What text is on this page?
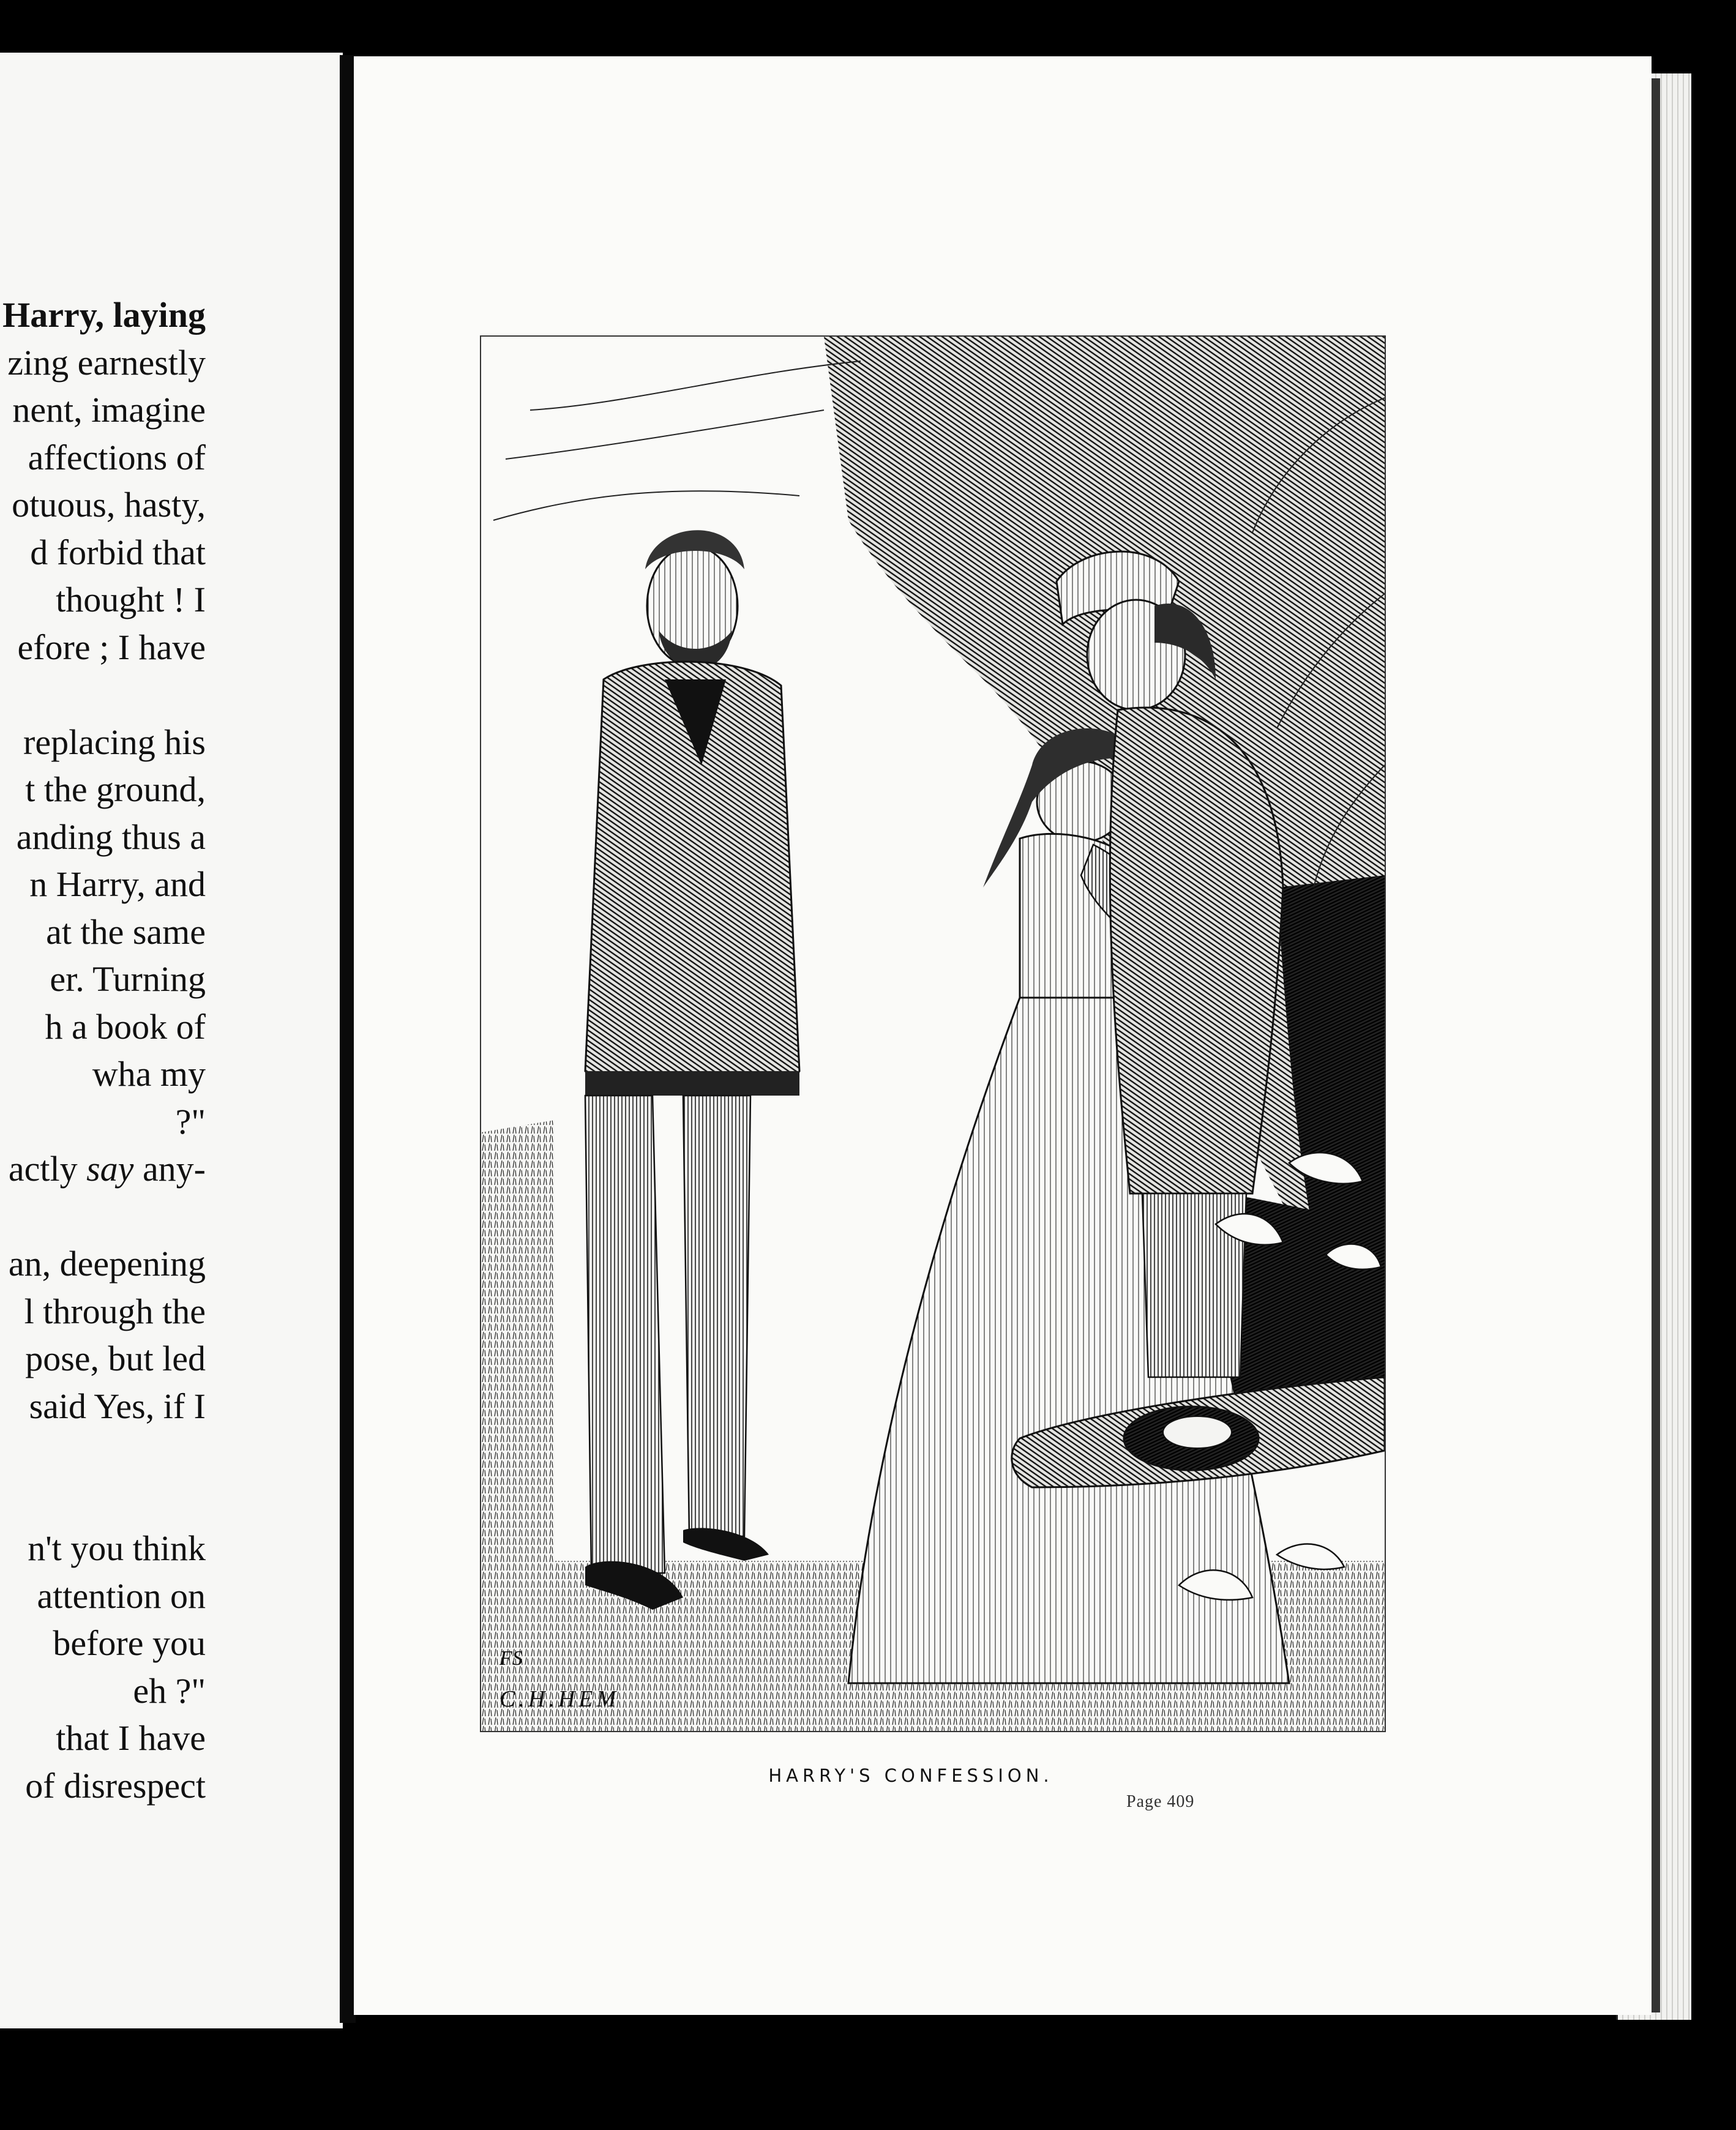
Harry, laying
zing earnestly
nent, imagine
affections of
otuous, hasty,
d forbid that
thought ! I
efore ; I have
replacing his
t the ground,
anding thus a
n Harry, and
at the same
er. Turning
h a book of
wha my
?"
actly say any-
an, deepening
l through the
pose, but led
said Yes, if I
n't you think
attention on
before you
eh ?"
that I have
of disrespect
FS
C.H.HEM
HARRY'S CONFESSION.
Page 409
